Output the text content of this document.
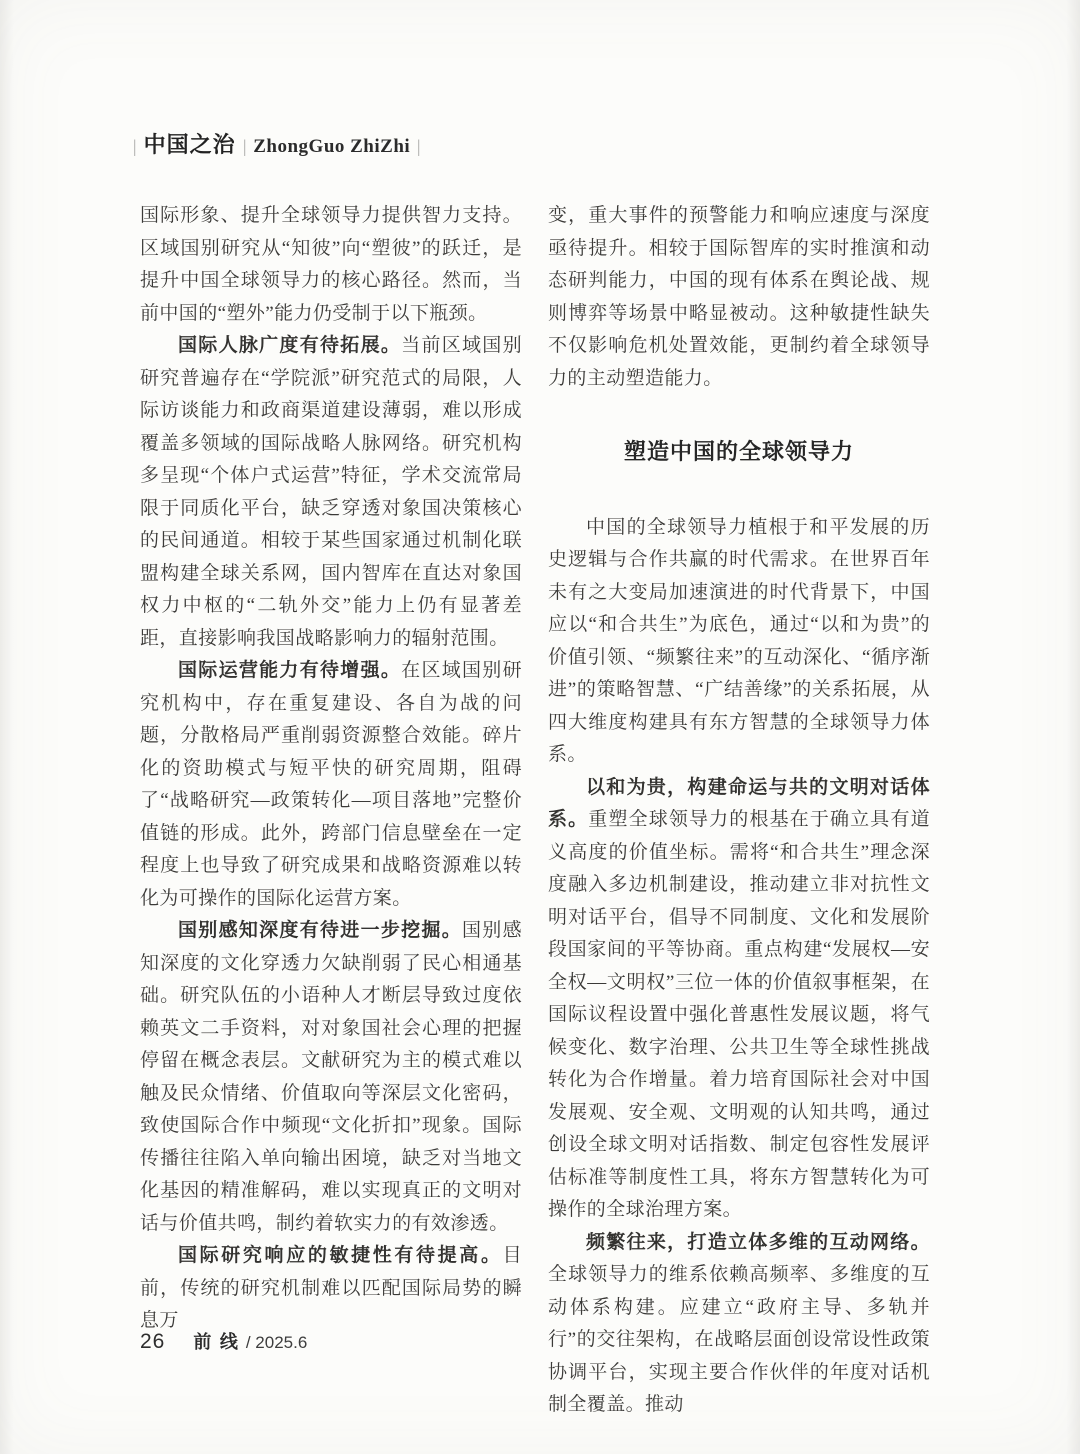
| 中国之治 | ZhongGuo ZhiZhi |

国际形象、提升全球领导力提供智力支持。区域国别研究从“知彼”向“塑彼”的跃迁，是提升中国全球领导力的核心路径。然而，当前中国的“塑外”能力仍受制于以下瓶颈。

国际人脉广度有待拓展。当前区域国别研究普遍存在“学院派”研究范式的局限，人际访谈能力和政商渠道建设薄弱，难以形成覆盖多领域的国际战略人脉网络。研究机构多呈现“个体户式运营”特征，学术交流常局限于同质化平台，缺乏穿透对象国决策核心的民间通道。相较于某些国家通过机制化联盟构建全球关系网，国内智库在直达对象国权力中枢的“二轨外交”能力上仍有显著差距，直接影响我国战略影响力的辐射范围。

国际运营能力有待增强。在区域国别研究机构中，存在重复建设、各自为战的问题，分散格局严重削弱资源整合效能。碎片化的资助模式与短平快的研究周期，阻碍了“战略研究—政策转化—项目落地”完整价值链的形成。此外，跨部门信息壁垒在一定程度上也导致了研究成果和战略资源难以转化为可操作的国际化运营方案。

国别感知深度有待进一步挖掘。国别感知深度的文化穿透力欠缺削弱了民心相通基础。研究队伍的小语种人才断层导致过度依赖英文二手资料，对对象国社会心理的把握停留在概念表层。文献研究为主的模式难以触及民众情绪、价值取向等深层文化密码，致使国际合作中频现“文化折扣”现象。国际传播往往陷入单向输出困境，缺乏对当地文化基因的精准解码，难以实现真正的文明对话与价值共鸣，制约着软实力的有效渗透。

国际研究响应的敏捷性有待提高。目前，传统的研究机制难以匹配国际局势的瞬息万

变，重大事件的预警能力和响应速度与深度亟待提升。相较于国际智库的实时推演和动态研判能力，中国的现有体系在舆论战、规则博弈等场景中略显被动。这种敏捷性缺失不仅影响危机处置效能，更制约着全球领导力的主动塑造能力。

塑造中国的全球领导力

中国的全球领导力植根于和平发展的历史逻辑与合作共赢的时代需求。在世界百年未有之大变局加速演进的时代背景下，中国应以“和合共生”为底色，通过“以和为贵”的价值引领、“频繁往来”的互动深化、“循序渐进”的策略智慧、“广结善缘”的关系拓展，从四大维度构建具有东方智慧的全球领导力体系。

以和为贵，构建命运与共的文明对话体系。重塑全球领导力的根基在于确立具有道义高度的价值坐标。需将“和合共生”理念深度融入多边机制建设，推动建立非对抗性文明对话平台，倡导不同制度、文化和发展阶段国家间的平等协商。重点构建“发展权—安全权—文明权”三位一体的价值叙事框架，在国际议程设置中强化普惠性发展议题，将气候变化、数字治理、公共卫生等全球性挑战转化为合作增量。着力培育国际社会对中国发展观、安全观、文明观的认知共鸣，通过创设全球文明对话指数、制定包容性发展评估标准等制度性工具，将东方智慧转化为可操作的全球治理方案。

频繁往来，打造立体多维的互动网络。全球领导力的维系依赖高频率、多维度的互动体系构建。应建立“政府主导、多轨并行”的交往架构，在战略层面创设常设性政策协调平台，实现主要合作伙伴的年度对话机制全覆盖。推动

26 前 线 / 2025.6
